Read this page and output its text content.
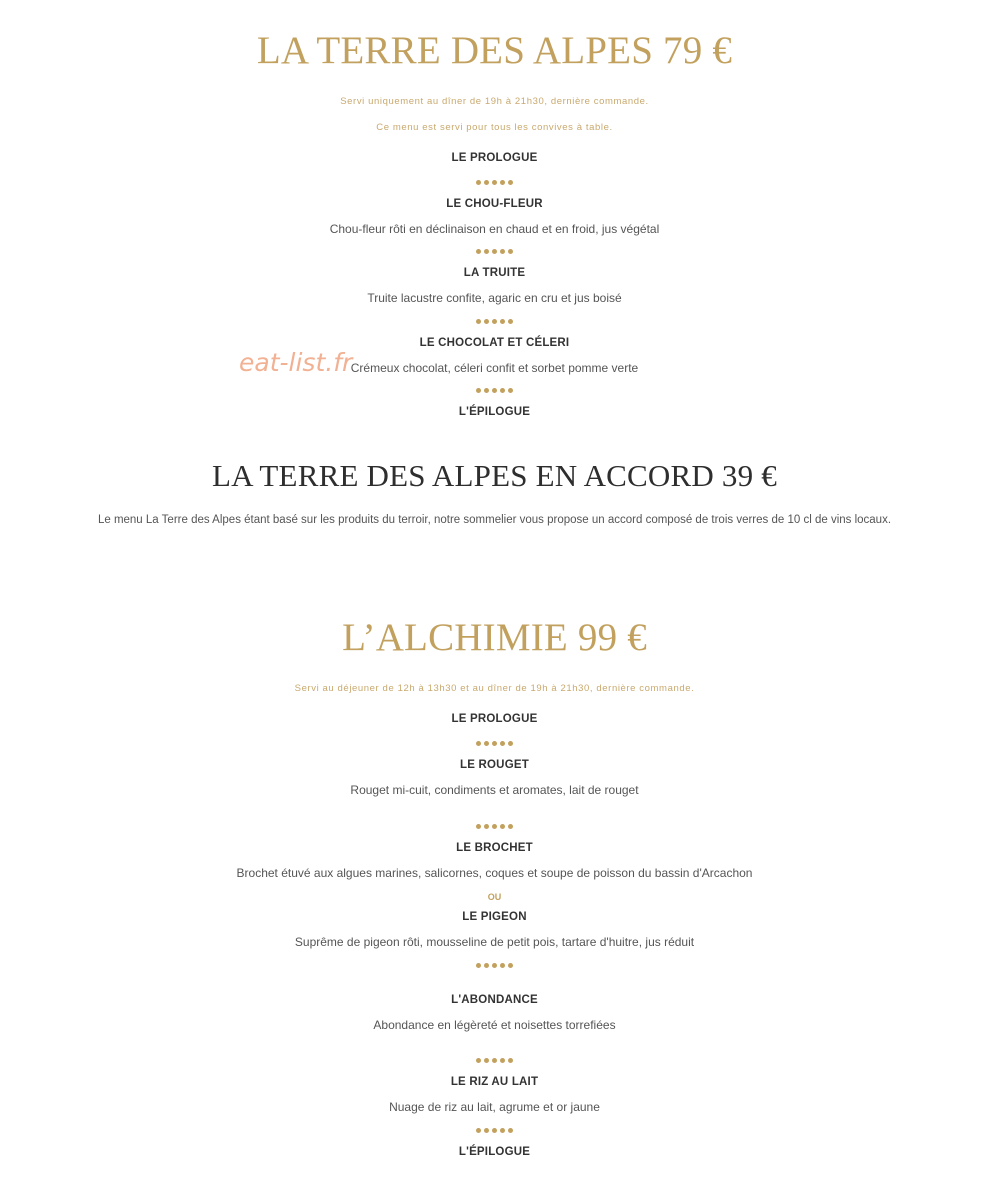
LA TERRE DES ALPES 79 €
Servi uniquement au dîner de 19h à 21h30, dernière commande.
Ce menu est servi pour tous les convives à table.
LE PROLOGUE
LE CHOU-FLEUR
Chou-fleur rôti en déclinaison en chaud et en froid, jus végétal
LA TRUITE
Truite lacustre confite, agaric en cru et jus boisé
LE CHOCOLAT ET CÉLERI
Crémeux chocolat, céleri confit et sorbet pomme verte
L'ÉPILOGUE
LA TERRE DES ALPES EN ACCORD 39 €
Le menu La Terre des Alpes étant basé sur les produits du terroir, notre sommelier vous propose un accord composé de trois verres de 10 cl de vins locaux.
L’ALCHIMIE 99 €
Servi au déjeuner de 12h à 13h30 et au dîner de 19h à 21h30, dernière commande.
LE PROLOGUE
LE ROUGET
Rouget mi-cuit, condiments et aromates, lait de rouget
LE BROCHET
Brochet étuvé aux algues marines, salicornes, coques et soupe de poisson du bassin d'Arcachon
OU
LE PIGEON
Suprême de pigeon rôti, mousseline de petit pois, tartare d'huitre, jus réduit
L'ABONDANCE
Abondance en légèreté et noisettes torrefiées
LE RIZ AU LAIT
Nuage de riz au lait, agrume et or jaune
L'ÉPILOGUE
eat-list.fr
